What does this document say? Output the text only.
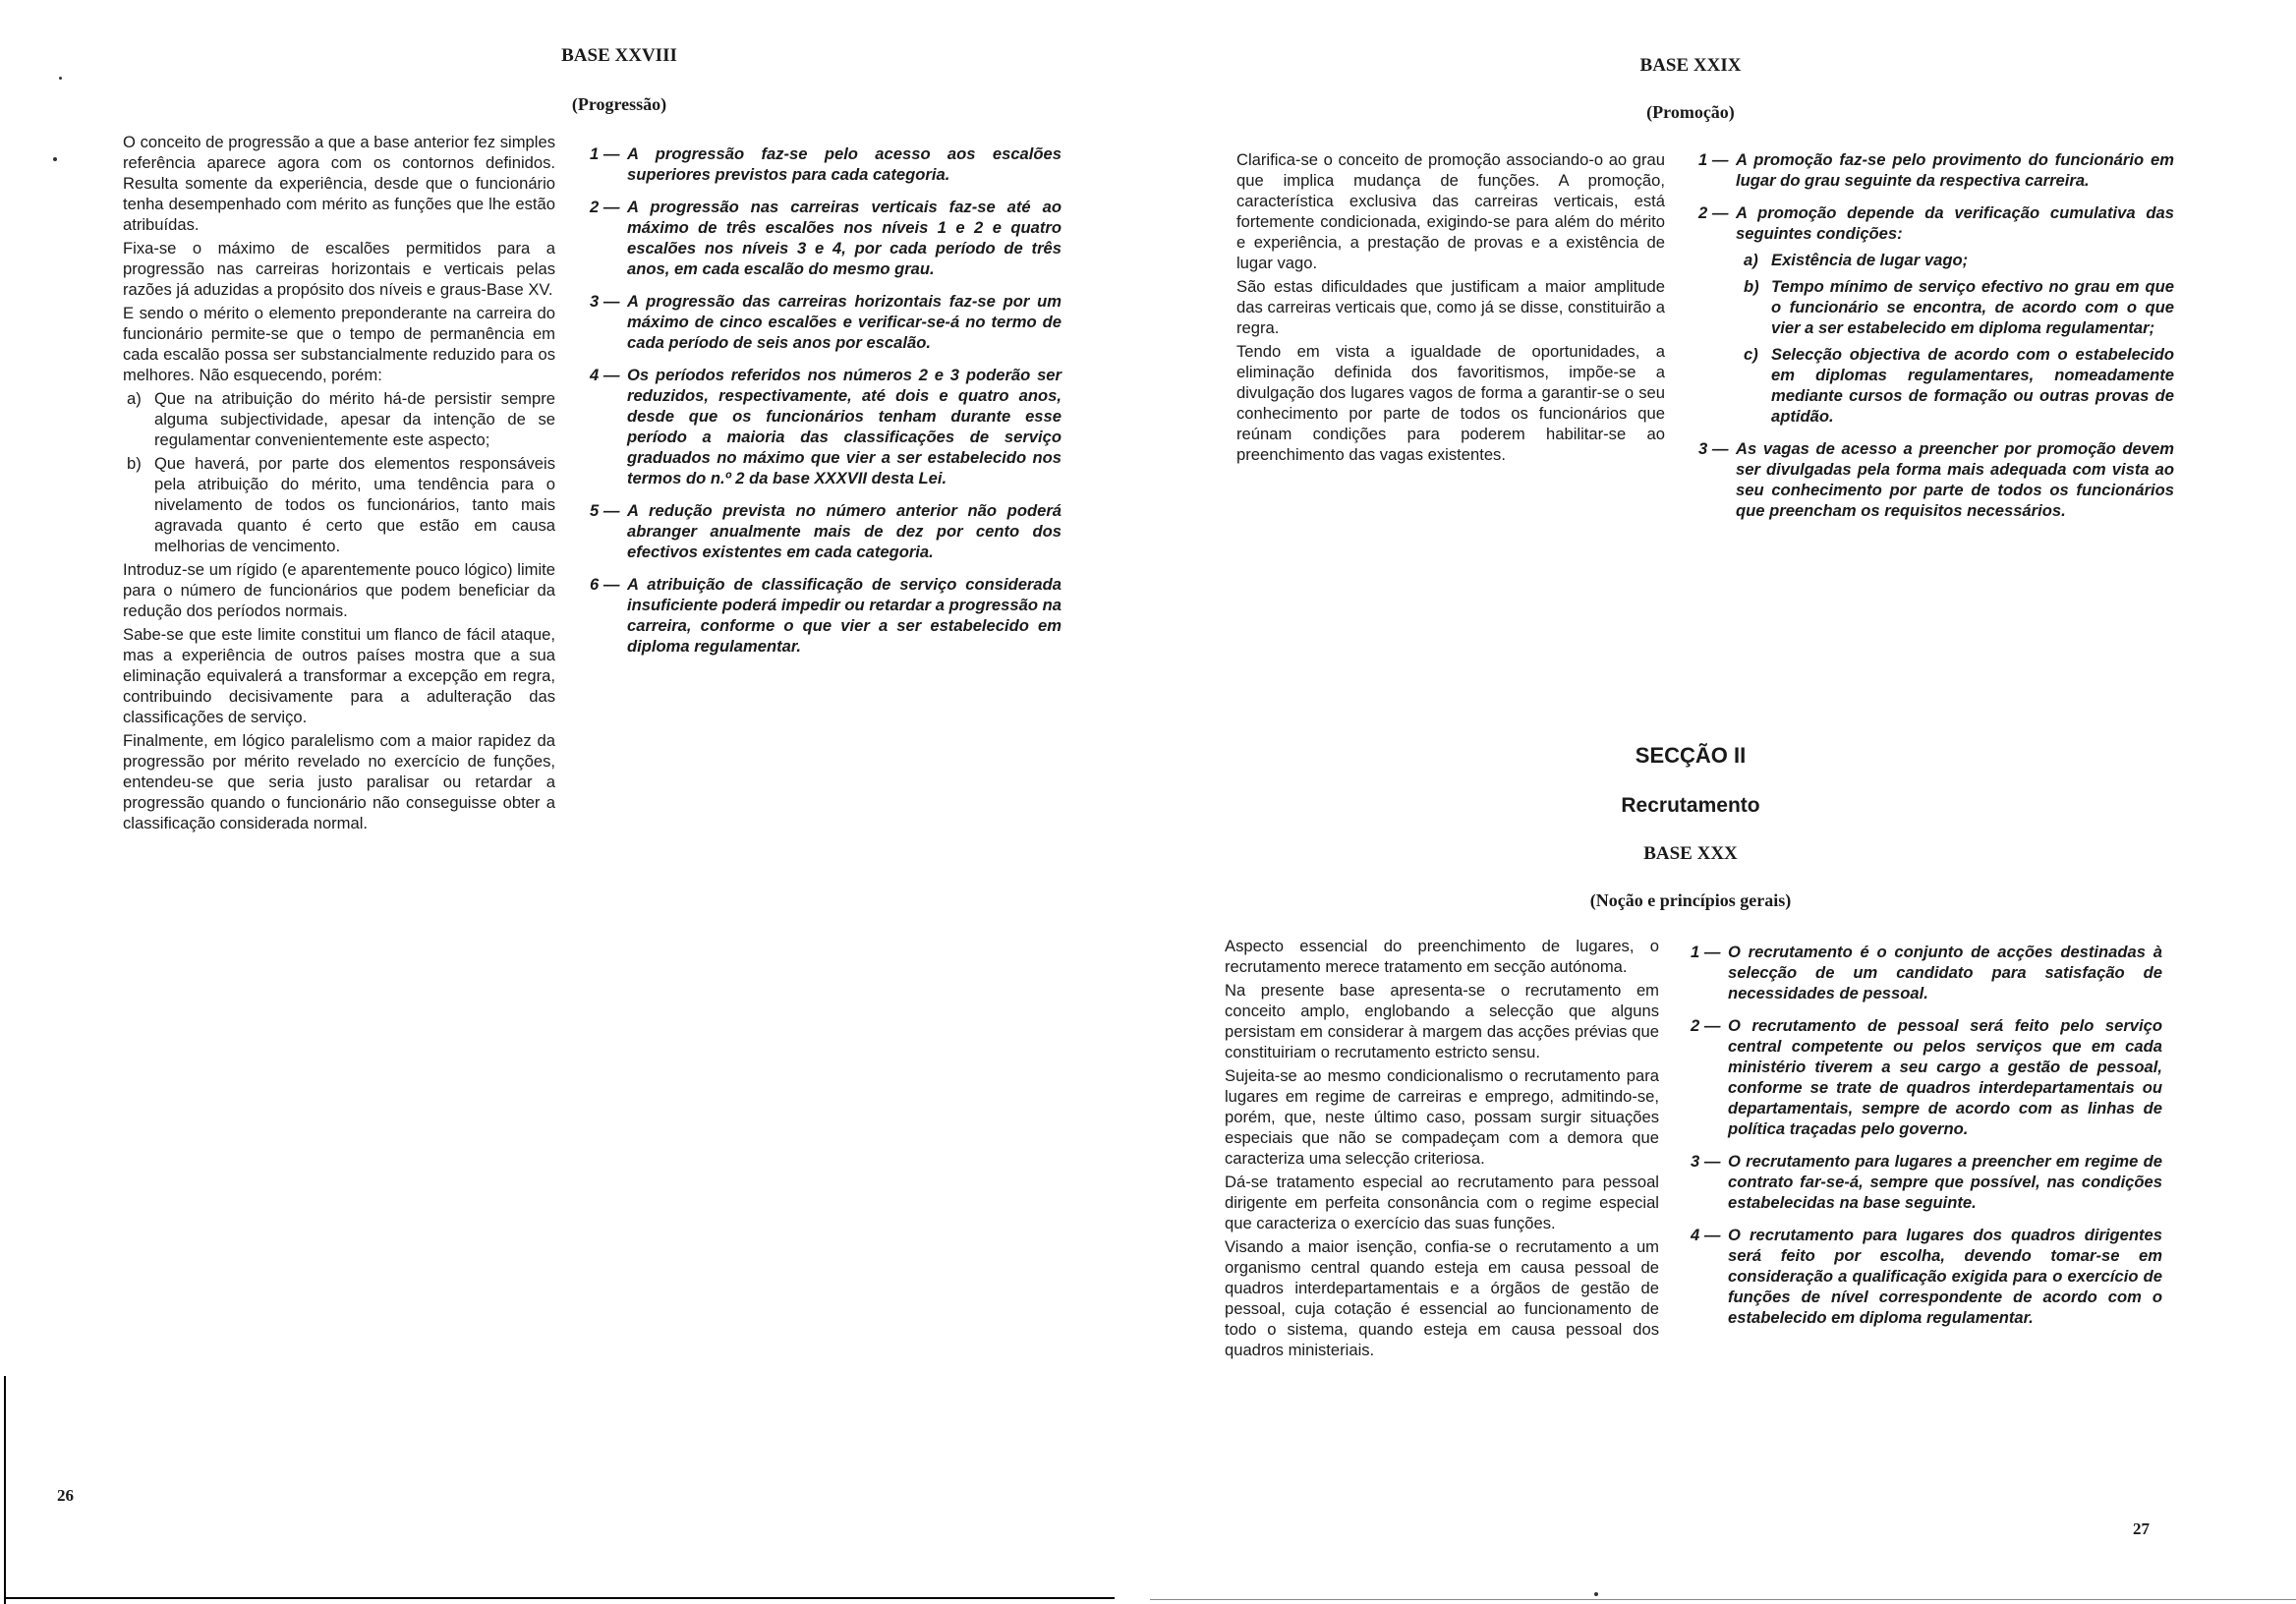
BASE XXVIII
(Progressão)

O conceito de progressão a que a base anterior fez simples referência aparece agora com os contornos definidos. Resulta somente da experiência, desde que o funcionário tenha desempenhado com mérito as funções que lhe estão atribuídas.

Fixa-se o máximo de escalões permitidos para a progressão nas carreiras horizontais e verticais pelas razões já aduzidas a propósito dos níveis e graus-Base XV.

E sendo o mérito o elemento preponderante na carreira do funcionário permite-se que o tempo de permanência em cada escalão possa ser substancialmente reduzido para os melhores. Não esquecendo, porém:

a) Que na atribuição do mérito há-de persistir sempre alguma subjectividade, apesar da intenção de se regulamentar convenientemente este aspecto;
b) Que haverá, por parte dos elementos responsáveis pela atribuição do mérito, uma tendência para o nivelamento de todos os funcionários, tanto mais agravada quanto é certo que estão em causa melhorias de vencimento.

Introduz-se um rígido (e aparentemente pouco lógico) limite para o número de funcionários que podem beneficiar da redução dos períodos normais.

Sabe-se que este limite constitui um flanco de fácil ataque, mas a experiência de outros países mostra que a sua eliminação equivalerá a transformar a excepção em regra, contribuindo decisivamente para a adulteração das classificações de serviço.

Finalmente, em lógico paralelismo com a maior rapidez da progressão por mérito revelado no exercício de funções, entendeu-se que seria justo paralisar ou retardar a progressão quando o funcionário não conseguisse obter a classificação considerada normal.

1 — A progressão faz-se pelo acesso aos escalões superiores previstos para cada categoria.
2 — A progressão nas carreiras verticais faz-se até ao máximo de três escalões nos níveis 1 e 2 e quatro escalões nos níveis 3 e 4, por cada período de três anos, em cada escalão do mesmo grau.
3 — A progressão das carreiras horizontais faz-se por um máximo de cinco escalões e verificar-se-á no termo de cada período de seis anos por escalão.
4 — Os períodos referidos nos números 2 e 3 poderão ser reduzidos, respectivamente, até dois e quatro anos, desde que os funcionários tenham durante esse período a maioria das classificações de serviço graduados no máximo que vier a ser estabelecido nos termos do n.º 2 da base XXXVII desta Lei.
5 — A redução prevista no número anterior não poderá abranger anualmente mais de dez por cento dos efectivos existentes em cada categoria.
6 — A atribuição de classificação de serviço considerada insuficiente poderá impedir ou retardar a progressão na carreira, conforme o que vier a ser estabelecido em diploma regulamentar.
26
BASE XXIX
(Promoção)

Clarifica-se o conceito de promoção associando-o ao grau que implica mudança de funções. A promoção, característica exclusiva das carreiras verticais, está fortemente condicionada, exigindo-se para além do mérito e experiência, a prestação de provas e a existência de lugar vago.

São estas dificuldades que justificam a maior amplitude das carreiras verticais que, como já se disse, constituirão a regra.

Tendo em vista a igualdade de oportunidades, a eliminação definida dos favoritismos, impõe-se a divulgação dos lugares vagos de forma a garantir-se o seu conhecimento por parte de todos os funcionários que reúnam condições para poderem habilitar-se ao preenchimento das vagas existentes.

1 — A promoção faz-se pelo provimento do funcionário em lugar do grau seguinte da respectiva carreira.
2 — A promoção depende da verificação cumulativa das seguintes condições:
a) Existência de lugar vago;
b) Tempo mínimo de serviço efectivo no grau em que o funcionário se encontra, de acordo com o que vier a ser estabelecido em diploma regulamentar;
c) Selecção objectiva de acordo com o estabelecido em diplomas regulamentares, nomeadamente mediante cursos de formação ou outras provas de aptidão.
3 — As vagas de acesso a preencher por promoção devem ser divulgadas pela forma mais adequada com vista ao seu conhecimento por parte de todos os funcionários que preencham os requisitos necessários.
SECÇÃO II
Recrutamento
BASE XXX
(Noção e princípios gerais)

Aspecto essencial do preenchimento de lugares, o recrutamento merece tratamento em secção autónoma.

Na presente base apresenta-se o recrutamento em conceito amplo, englobando a selecção que alguns persistam em considerar à margem das acções prévias que constituiriam o recrutamento estricto sensu.

Sujeita-se ao mesmo condicionalismo o recrutamento para lugares em regime de carreiras e emprego, admitindo-se, porém, que, neste último caso, possam surgir situações especiais que não se compadeçam com a demora que caracteriza uma selecção criteriosa.

Dá-se tratamento especial ao recrutamento para pessoal dirigente em perfeita consonância com o regime especial que caracteriza o exercício das suas funções.

Visando a maior isenção, confia-se o recrutamento a um organismo central quando esteja em causa pessoal de quadros interdepartamentais e a órgãos de gestão de pessoal, cuja cotação é essencial ao funcionamento de todo o sistema, quando esteja em causa pessoal dos quadros ministeriais.

1 — O recrutamento é o conjunto de acções destinadas à selecção de um candidato para satisfação de necessidades de pessoal.
2 — O recrutamento de pessoal será feito pelo serviço central competente ou pelos serviços que em cada ministério tiverem a seu cargo a gestão de pessoal, conforme se trate de quadros interdepartamentais ou departamentais, sempre de acordo com as linhas de política traçadas pelo governo.
3 — O recrutamento para lugares a preencher em regime de contrato far-se-á, sempre que possível, nas condições estabelecidas na base seguinte.
4 — O recrutamento para lugares dos quadros dirigentes será feito por escolha, devendo tomar-se em consideração a qualificação exigida para o exercício de funções de nível correspondente de acordo com o estabelecido em diploma regulamentar.
27
